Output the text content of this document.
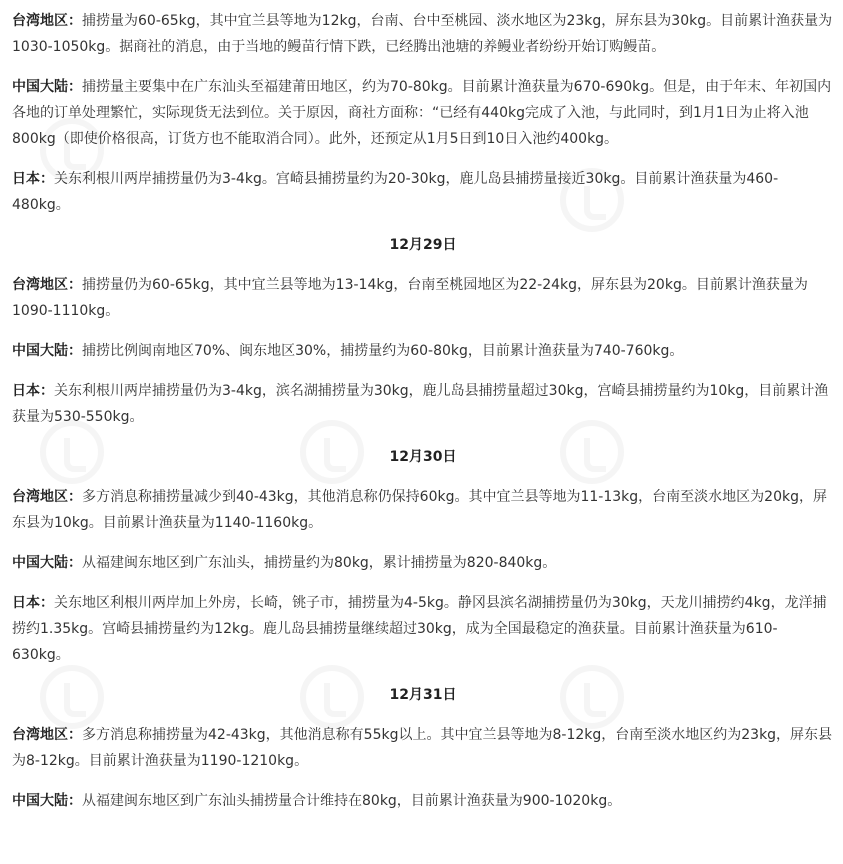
台湾地区：捕捞量为60-65kg，其中宜兰县等地为12kg，台南、台中至桃园、淡水地区为23kg，屏东县为30kg。目前累计渔获量为1030-1050kg。据商社的消息，由于当地的鳗苗行情下跌，已经腾出池塘的养鳗业者纷纷开始订购鳗苗。

中国大陆：捕捞量主要集中在广东汕头至福建莆田地区，约为70-80kg。目前累计渔获量为670-690kg。但是，由于年末、年初国内各地的订单处理繁忙，实际现货无法到位。关于原因，商社方面称：“已经有440kg完成了入池，与此同时，到1月1日为止将入池800kg（即使价格很高，订货方也不能取消合同）。此外，还预定从1月5日到10日入池约400kg。

日本：关东利根川两岸捕捞量仍为3-4kg。宫崎县捕捞量约为20-30kg，鹿儿岛县捕捞量接近30kg。目前累计渔获量为460-480kg。

12月29日

台湾地区：捕捞量仍为60-65kg，其中宜兰县等地为13-14kg，台南至桃园地区为22-24kg，屏东县为20kg。目前累计渔获量为1090-1110kg。

中国大陆：捕捞比例闽南地区70%、闽东地区30%，捕捞量约为60-80kg，目前累计渔获量为740-760kg。

日本：关东利根川两岸捕捞量仍为3-4kg，滨名湖捕捞量为30kg，鹿儿岛县捕捞量超过30kg，宫崎县捕捞量约为10kg，目前累计渔获量为530-550kg。

12月30日

台湾地区：多方消息称捕捞量减少到40-43kg，其他消息称仍保持60kg。其中宜兰县等地为11-13kg，台南至淡水地区为20kg，屏东县为10kg。目前累计渔获量为1140-1160kg。

中国大陆：从福建闽东地区到广东汕头，捕捞量约为80kg，累计捕捞量为820-840kg。

日本：关东地区利根川两岸加上外房，长崎，铫子市，捕捞量为4-5kg。静冈县滨名湖捕捞量仍为30kg，天龙川捕捞约4kg，龙洋捕捞约1.35kg。宫崎县捕捞量约为12kg。鹿儿岛县捕捞量继续超过30kg，成为全国最稳定的渔获量。目前累计渔获量为610-630kg。

12月31日

台湾地区：多方消息称捕捞量为42-43kg，其他消息称有55kg以上。其中宜兰县等地为8-12kg，台南至淡水地区约为23kg，屏东县为8-12kg。目前累计渔获量为1190-1210kg。

中国大陆：从福建闽东地区到广东汕头捕捞量合计维持在80kg，目前累计渔获量为900-1020kg。
